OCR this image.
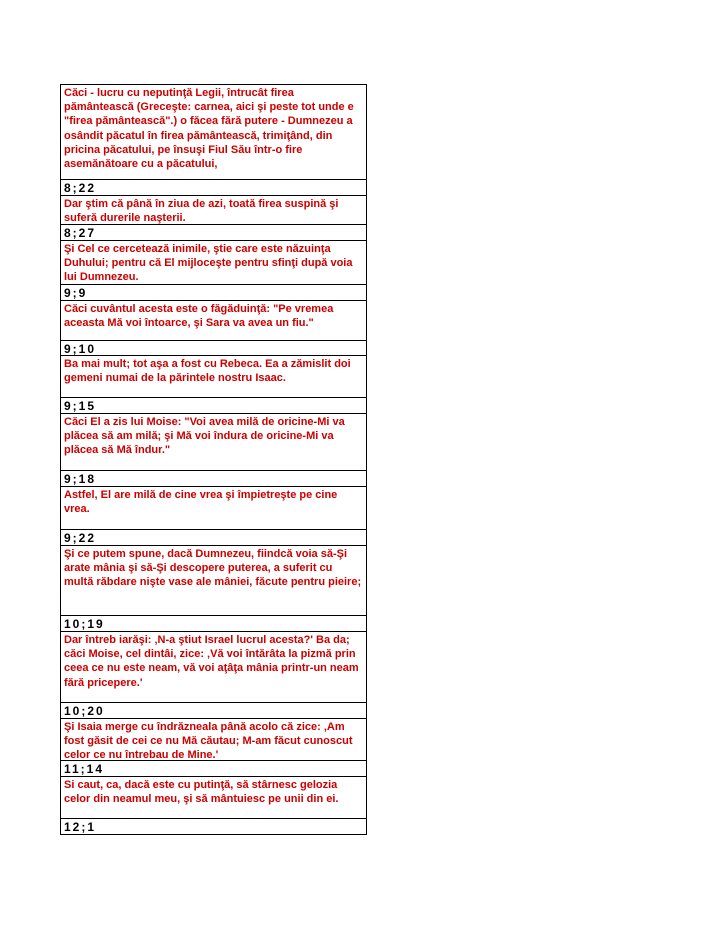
Căci - lucru cu neputinţă Legii, întrucât firea pământească (Greceşte: carnea, aici şi peste tot unde e "firea pământească".) o făcea fără putere - Dumnezeu a osândit păcatul în firea pământească, trimiţând, din pricina păcatului, pe însuşi Fiul Său într-o fire asemănătoare cu a păcatului,
8;22
Dar ştim că până în ziua de azi, toată firea suspină şi suferă durerile naşterii.
8;27
Şi Cel ce cercetează inimile, ştie care este năzuinţa Duhului; pentru că El mijloceşte pentru sfinţi după voia lui Dumnezeu.
9;9
Căci cuvântul acesta este o făgăduinţă: "Pe vremea aceasta Mă voi întoarce, şi Sara va avea un fiu."
9;10
Ba mai mult; tot aşa a fost cu Rebeca. Ea a zămislit doi gemeni numai de la părintele nostru Isaac.
9;15
Căci El a zis lui Moise: "Voi avea milă de oricine-Mi va plăcea să am milă; şi Mă voi îndura de oricine-Mi va plăcea să Mă îndur."
9;18
Astfel, El are milă de cine vrea şi împietreşte pe cine vrea.
9;22
Şi ce putem spune, dacă Dumnezeu, fiindcă voia să-Şi arate mânia şi să-Şi descopere puterea, a suferit cu multă răbdare nişte vase ale mâniei, făcute pentru pieire;
10;19
Dar întreb iarăşi: ‚N-a ştiut Israel lucrul acesta?' Ba da; căci Moise, cel dintâi, zice: ‚Vă voi întărâta la pizmă prin ceea ce nu este neam, vă voi aţâţa mânia printr-un neam fără pricepere.'
10;20
Şi Isaia merge cu îndrăzneala până acolo că zice: ‚Am fost găsit de cei ce nu Mă căutau; M-am făcut cunoscut celor ce nu întrebau de Mine.'
11;14
Si caut, ca, dacă este cu putinţă, să stârnesc gelozia celor din neamul meu, şi să mântuiesc pe unii din ei.
12;1
